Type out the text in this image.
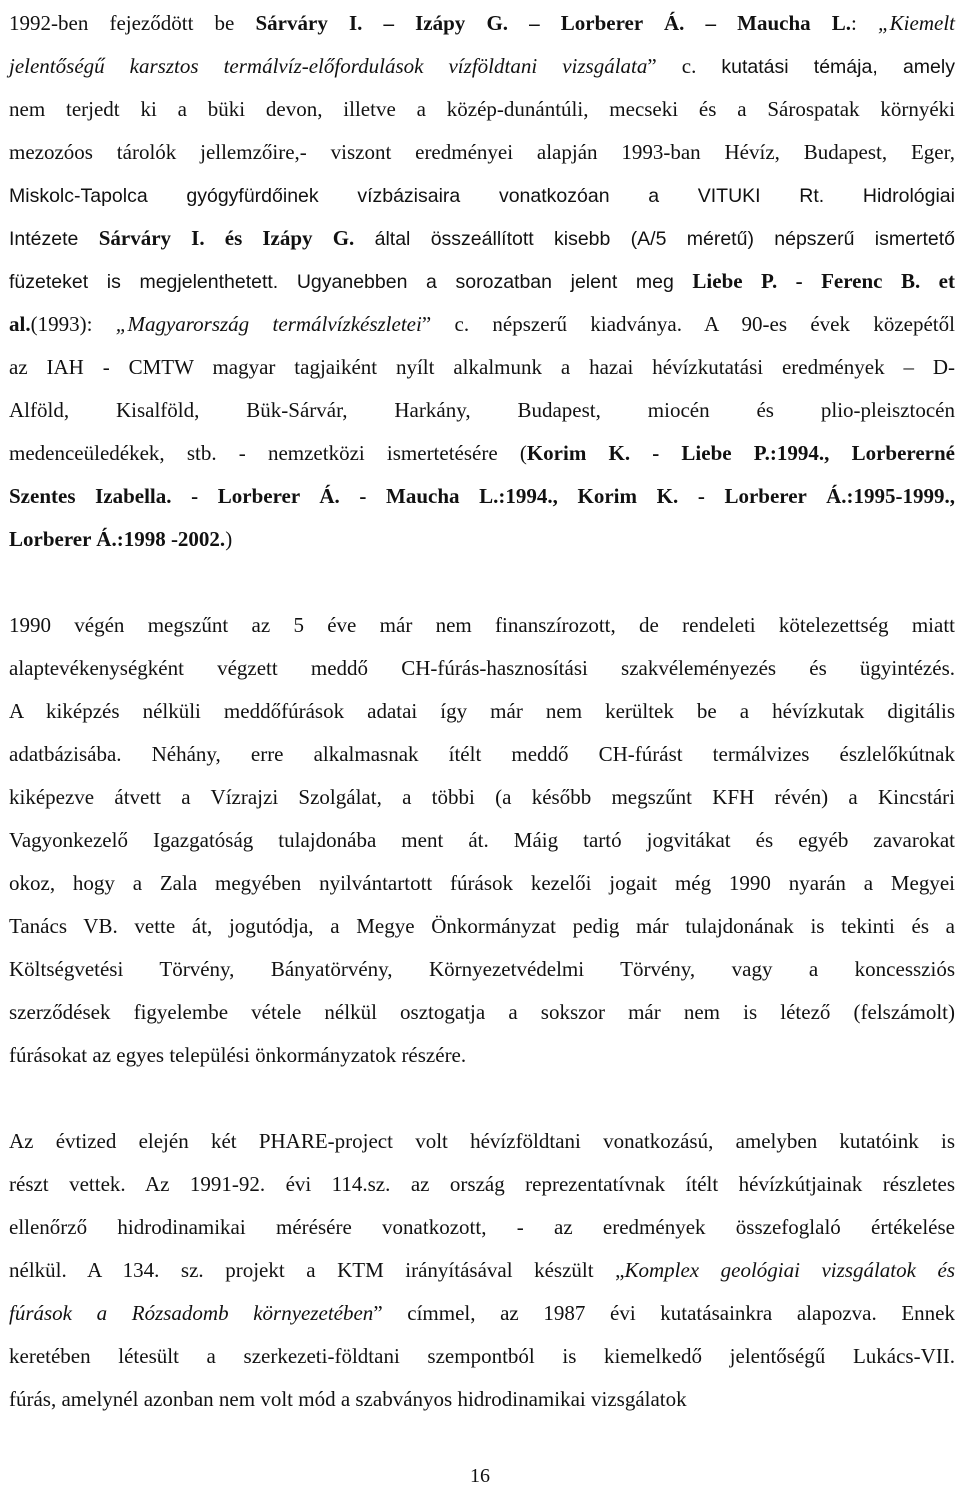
1992-ben fejeződött be Sárváry I. – Izápy G. – Lorberer Á. – Maucha L.: „Kiemelt
jelentőségű karsztos termálvíz-előfordulások vízföldtani vizsgálata” c. kutatási témája, amely
nem terjedt ki a büki devon, illetve a közép-dunántúli, mecseki és a Sárospatak környéki
mezozóos tárolók jellemzőire,- viszont eredményei alapján 1993-ban Hévíz, Budapest, Eger,
Miskolc-Tapolca gyógyfürdőinek vízbázisaira vonatkozóan a VITUKI Rt. Hidrológiai
Intézete Sárváry I. és Izápy G. által összeállított kisebb (A/5 méretű) népszerű ismertető
füzeteket is megjelenthetett. Ugyanebben a sorozatban jelent meg Liebe P. - Ferenc B. et
al.(1993): „Magyarország termálvízkészletei” c. népszerű kiadványa. A 90-es évek közepétől
az IAH - CMTW magyar tagjaiként nyílt alkalmunk a hazai hévízkutatási eredmények – D-
Alföld, Kisalföld, Bük-Sárvár, Harkány, Budapest, miocén és plio-pleisztocén
medenceüledékek, stb. - nemzetközi ismertetésére (Korim K. - Liebe P.:1994., Lorbererné
Szentes Izabella. - Lorberer Á. - Maucha L.:1994., Korim K. - Lorberer Á.:1995-1999.,
Lorberer Á.:1998 -2002.)
1990 végén megszűnt az 5 éve már nem finanszírozott, de rendeleti kötelezettség miatt
alaptevékenységként végzett meddő CH-fúrás-hasznosítási szakvéleményezés és ügyintézés.
A kiképzés nélküli meddőfúrások adatai így már nem kerültek be a hévízkutak digitális
adatbázisába. Néhány, erre alkalmasnak ítélt meddő CH-fúrást termálvizes észlelőkútnak
kiképezve átvett a Vízrajzi Szolgálat, a többi (a később megszűnt KFH révén) a Kincstári
Vagyonkezelő Igazgatóság tulajdonába ment át. Máig tartó jogvitákat és egyéb zavarokat
okoz, hogy a Zala megyében nyilvántartott fúrások kezelői jogait még 1990 nyarán a Megyei
Tanács VB. vette át, jogutódja, a Megye Önkormányzat pedig már tulajdonának is tekinti és a
Költségvetési Törvény, Bányatörvény, Környezetvédelmi Törvény, vagy a koncessziós
szerződések figyelembe vétele nélkül osztogatja a sokszor már nem is létező (felszámolt)
fúrásokat az egyes települési önkormányzatok részére.
Az évtized elején két PHARE-project volt hévízföldtani vonatkozású, amelyben kutatóink is
részt vettek. Az 1991-92. évi 114.sz. az ország reprezentatívnak ítélt hévízkútjainak részletes
ellenőrző hidrodinamikai mérésére vonatkozott, - az eredmények összefoglaló értékelése
nélkül. A 134. sz. projekt a KTM irányításával készült „Komplex geológiai vizsgálatok és
fúrások a Rózsadomb környezetében” címmel, az 1987 évi kutatásainkra alapozva. Ennek
keretében létesült a szerkezeti-földtani szempontból is kiemelkedő jelentőségű Lukács-VII.
fúrás, amelynél azonban nem volt mód a szabványos hidrodinamikai vizsgálatok
16
